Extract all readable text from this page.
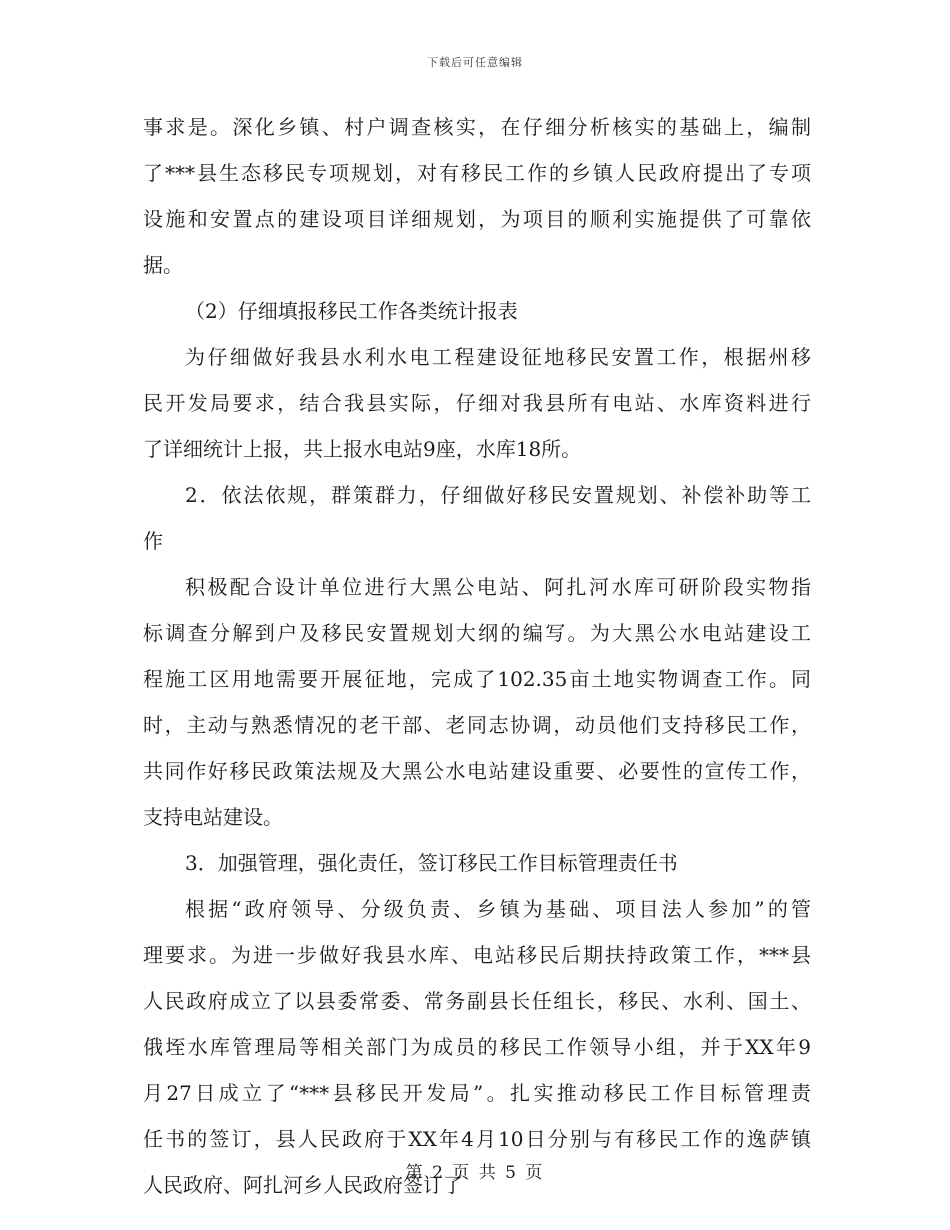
下载后可任意编辑
事求是。深化乡镇、村户调查核实，在仔细分析核实的基础上，编制
了***县生态移民专项规划，对有移民工作的乡镇人民政府提出了专项
设施和安置点的建设项目详细规划，为项目的顺利实施提供了可靠依
据。
（2）仔细填报移民工作各类统计报表
为仔细做好我县水利水电工程建设征地移民安置工作，根据州移
民开发局要求，结合我县实际，仔细对我县所有电站、水库资料进行
了详细统计上报，共上报水电站9座，水库18所。
2．依法依规，群策群力，仔细做好移民安置规划、补偿补助等工
作
积极配合设计单位进行大黑公电站、阿扎河水库可研阶段实物指
标调查分解到户及移民安置规划大纲的编写。为大黑公水电站建设工
程施工区用地需要开展征地，完成了102.35亩土地实物调查工作。同
时，主动与熟悉情况的老干部、老同志协调，动员他们支持移民工作，
共同作好移民政策法规及大黑公水电站建设重要、必要性的宣传工作，
支持电站建设。
3．加强管理，强化责任，签订移民工作目标管理责任书
根据“政府领导、分级负责、乡镇为基础、项目法人参加”的管
理要求。为进一步做好我县水库、电站移民后期扶持政策工作，***县
人民政府成立了以县委常委、常务副县长任组长，移民、水利、国土、
俄垤水库管理局等相关部门为成员的移民工作领导小组，并于XX年9
月27日成立了“***县移民开发局”。扎实推动移民工作目标管理责
任书的签订，县人民政府于XX年4月10日分别与有移民工作的逸萨镇
人民政府、阿扎河乡人民政府签订了
第 2 页 共 5 页
